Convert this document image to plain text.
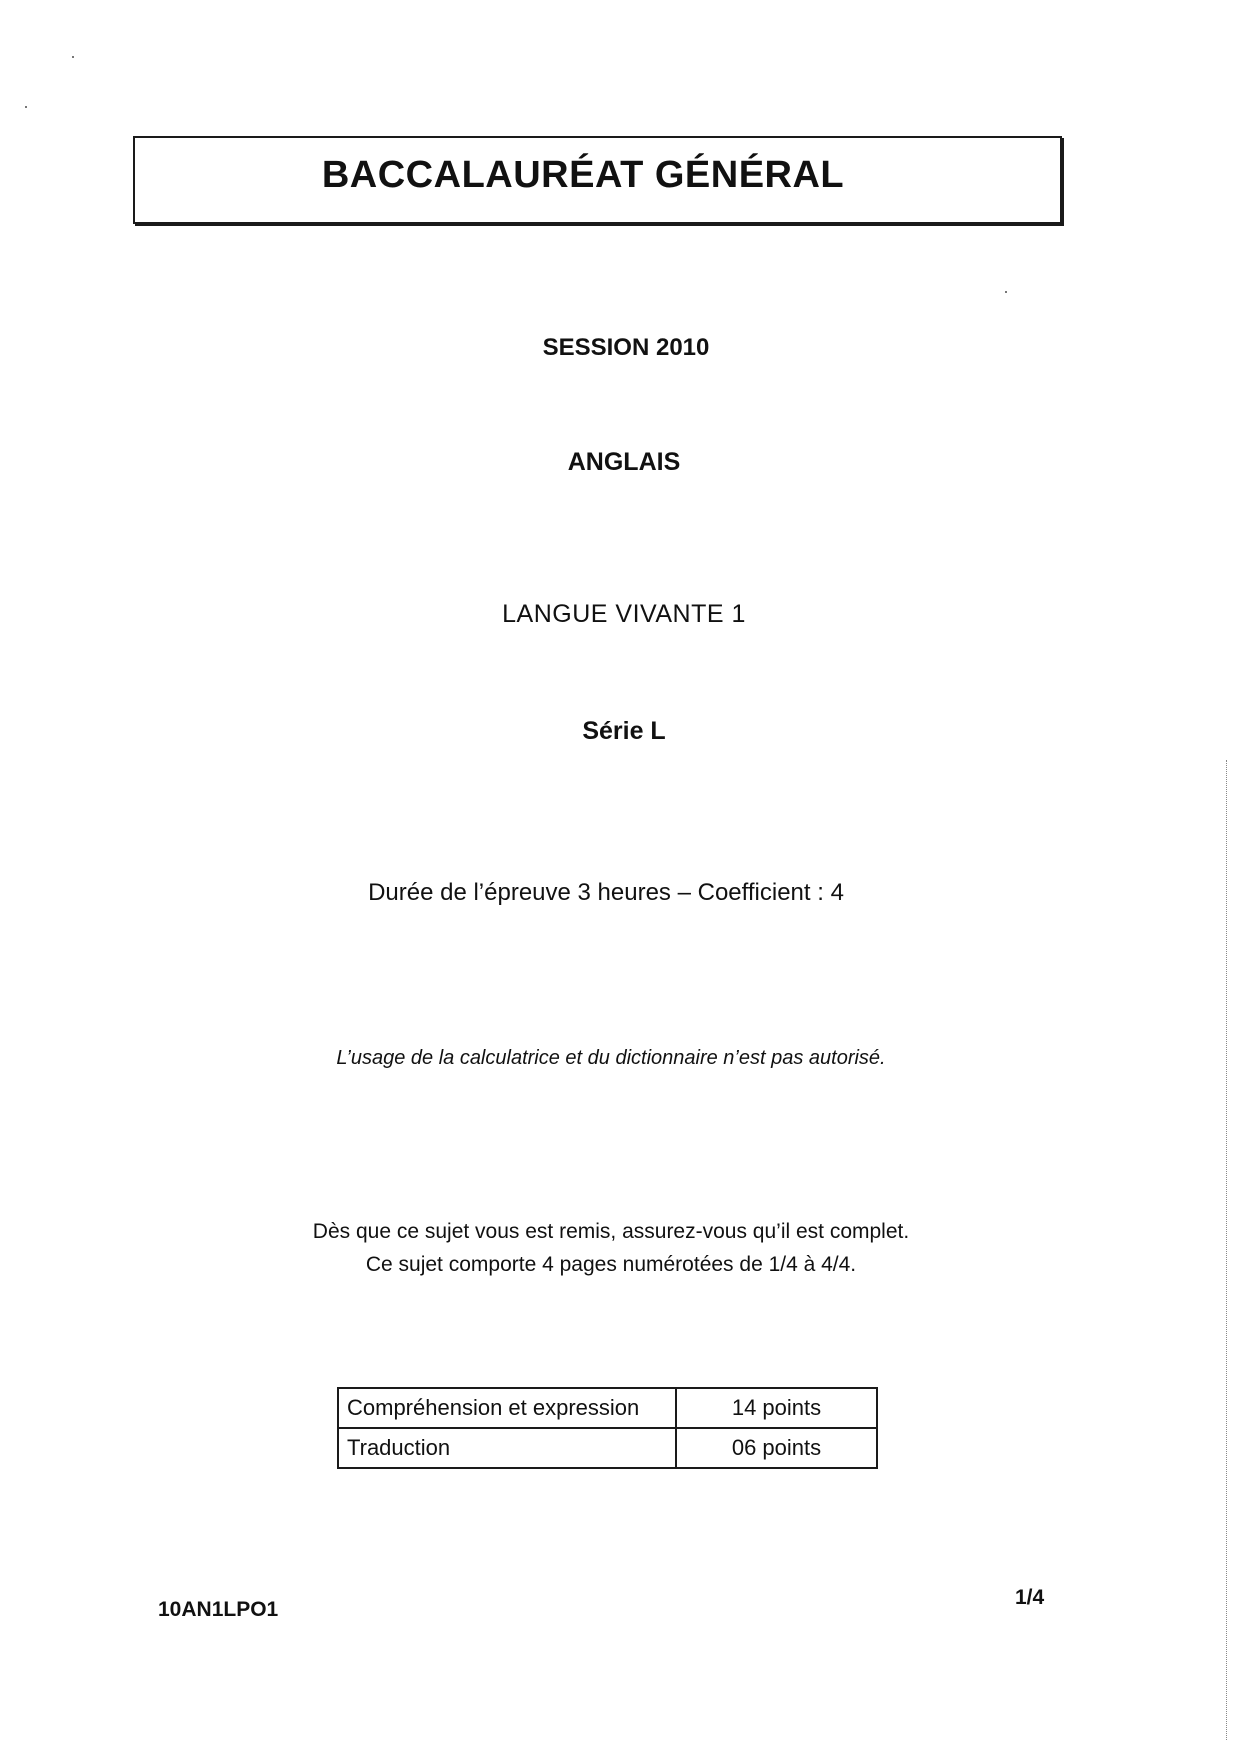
BACCALAURÉAT GÉNÉRAL
SESSION 2010
ANGLAIS
LANGUE VIVANTE 1
Série L
Durée de l’épreuve 3 heures – Coefficient : 4
L’usage de la calculatrice et du dictionnaire n’est pas autorisé.
Dès que ce sujet vous est remis, assurez-vous qu’il est complet.
Ce sujet comporte 4 pages numérotées de 1/4 à 4/4.
Compréhension et expression	14 points
Traduction	06 points
10AN1LPO1
1/4
